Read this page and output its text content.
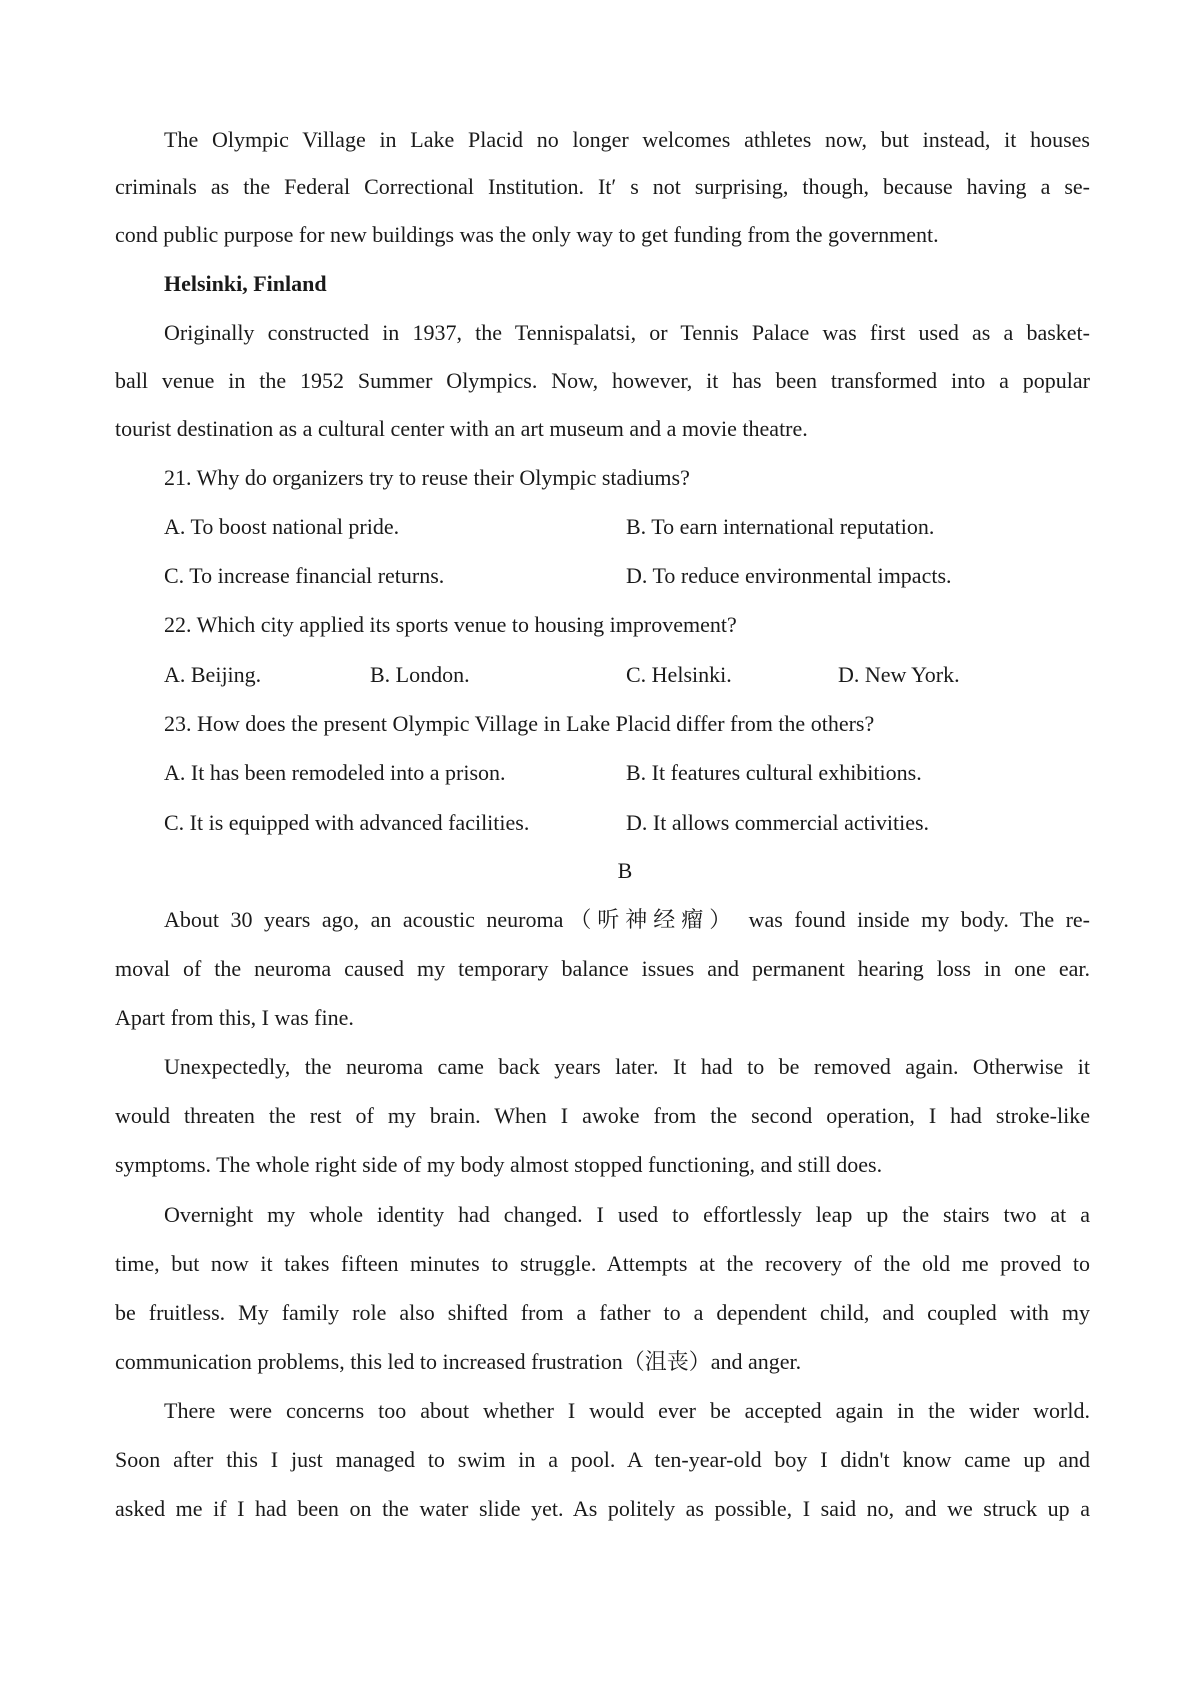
The Olympic Village in Lake Placid no longer welcomes athletes now, but instead, it houses
criminals as the Federal Correctional Institution. It′ s not surprising, though, because having a se-
cond public purpose for new buildings was the only way to get funding from the government.
Helsinki, Finland
Originally constructed in 1937, the Tennispalatsi, or Tennis Palace was first used as a basket-
ball venue in the 1952 Summer Olympics. Now, however, it has been transformed into a popular
tourist destination as a cultural center with an art museum and a movie theatre.
21. Why do organizers try to reuse their Olympic stadiums?
A. To boost national pride.	B. To earn international reputation.
C. To increase financial returns.	D. To reduce environmental impacts.
22. Which city applied its sports venue to housing improvement?
A. Beijing.	B. London.	C. Helsinki.	D. New York.
23. How does the present Olympic Village in Lake Placid differ from the others?
A. It has been remodeled into a prison.	B. It features cultural exhibitions.
C. It is equipped with advanced facilities.	D. It allows commercial activities.
B
About 30 years ago, an acoustic neuroma（听神经瘤） was found inside my body. The re-
moval of the neuroma caused my temporary balance issues and permanent hearing loss in one ear.
Apart from this, I was fine.
Unexpectedly, the neuroma came back years later. It had to be removed again. Otherwise it
would threaten the rest of my brain. When I awoke from the second operation, I had stroke-like
symptoms. The whole right side of my body almost stopped functioning, and still does.
Overnight my whole identity had changed. I used to effortlessly leap up the stairs two at a
time, but now it takes fifteen minutes to struggle. Attempts at the recovery of the old me proved to
be fruitless. My family role also shifted from a father to a dependent child, and coupled with my
communication problems, this led to increased frustration（沮丧）and anger.
There were concerns too about whether I would ever be accepted again in the wider world.
Soon after this I just managed to swim in a pool. A ten-year-old boy I didn't know came up and
asked me if I had been on the water slide yet. As politely as possible, I said no, and we struck up a
